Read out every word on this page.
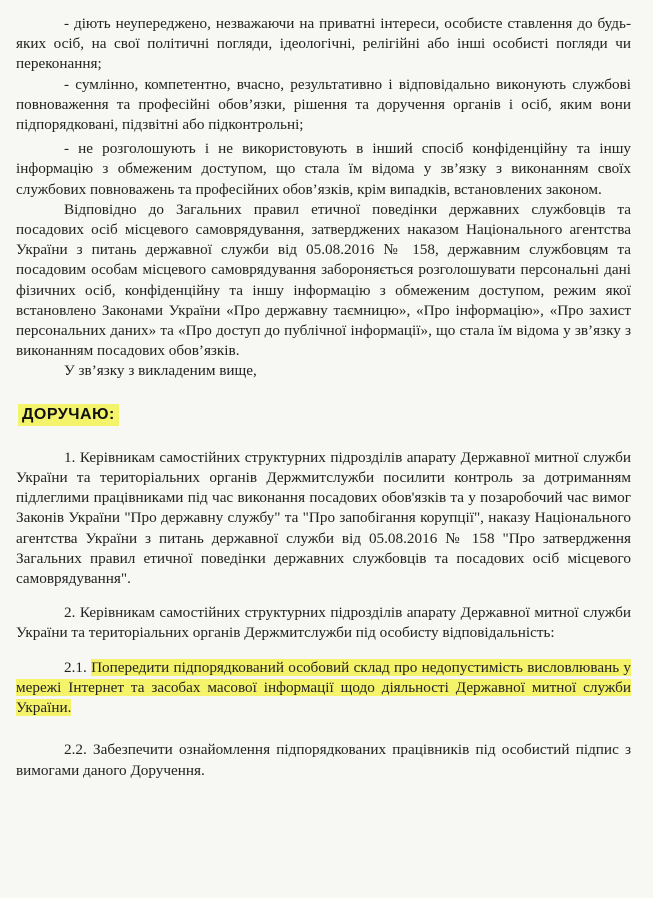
- діють неупереджено, незважаючи на приватні інтереси, особисте ставлення до будь-яких осіб, на свої політичні погляди, ідеологічні, релігійні або інші особисті погляди чи переконання;

- сумлінно, компетентно, вчасно, результативно і відповідально виконують службові повноваження та професійні обов’язки, рішення та доручення органів і осіб, яким вони підпорядковані, підзвітні або підконтрольні;

- не розголошують і не використовують в інший спосіб конфіденційну та іншу інформацію з обмеженим доступом, що стала їм відома у зв’язку з виконанням своїх службових повноважень та професійних обов’язків, крім випадків, встановлених законом.

Відповідно до Загальних правил етичної поведінки державних службовців та посадових осіб місцевого самоврядування, затверджених наказом Національного агентства України з питань державної служби від 05.08.2016 № 158, державним службовцям та посадовим особам місцевого самоврядування забороняється розголошувати персональні дані фізичних осіб, конфіденційну та іншу інформацію з обмеженим доступом, режим якої встановлено Законами України «Про державну таємницю», «Про інформацію», «Про захист персональних даних» та «Про доступ до публічної інформації», що стала їм відома у зв’язку з виконанням посадових обов’язків.

У зв’язку з викладеним вище,

ДОРУЧАЮ:

1. Керівникам самостійних структурних підрозділів апарату Державної митної служби України та територіальних органів Держмитслужби посилити контроль за дотриманням підлеглими працівниками під час виконання посадових обов'язків та у позаробочий час вимог Законів України "Про державну службу" та "Про запобігання корупції", наказу Національного агентства України з питань державної служби від 05.08.2016 № 158 "Про затвердження Загальних правил етичної поведінки державних службовців та посадових осіб місцевого самоврядування".

2. Керівникам самостійних структурних підрозділів апарату Державної митної служби України та територіальних органів Держмитслужби під особисту відповідальність:

2.1. Попередити підпорядкований особовий склад про недопустимість висловлювань у мережі Інтернет та засобах масової інформації щодо діяльності Державної митної служби України.

2.2. Забезпечити ознайомлення підпорядкованих працівників під особистий підпис з вимогами даного Доручення.
